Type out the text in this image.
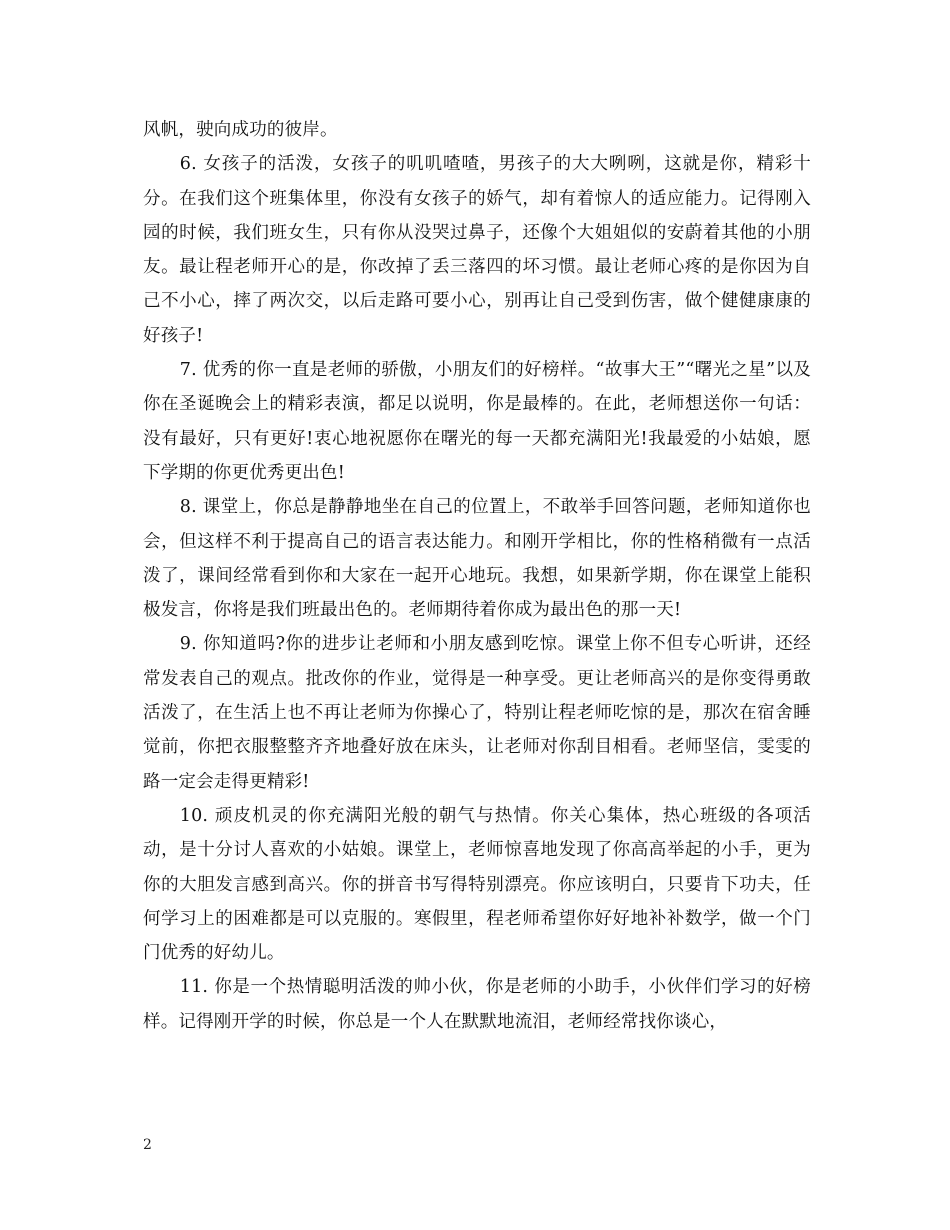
风帆，驶向成功的彼岸。

6. 女孩子的活泼，女孩子的叽叽喳喳，男孩子的大大咧咧，这就是你，精彩十分。在我们这个班集体里，你没有女孩子的娇气，却有着惊人的适应能力。记得刚入园的时候，我们班女生，只有你从没哭过鼻子，还像个大姐姐似的安蔚着其他的小朋友。最让程老师开心的是，你改掉了丢三落四的坏习惯。最让老师心疼的是你因为自己不小心，摔了两次交，以后走路可要小心，别再让自己受到伤害，做个健健康康的好孩子!

7. 优秀的你一直是老师的骄傲，小朋友们的好榜样。“故事大王”“曙光之星”以及你在圣诞晚会上的精彩表演，都足以说明，你是最棒的。在此，老师想送你一句话：没有最好，只有更好!衷心地祝愿你在曙光的每一天都充满阳光!我最爱的小姑娘，愿下学期的你更优秀更出色!

8. 课堂上，你总是静静地坐在自己的位置上，不敢举手回答问题，老师知道你也会，但这样不利于提高自己的语言表达能力。和刚开学相比，你的性格稍微有一点活泼了，课间经常看到你和大家在一起开心地玩。我想，如果新学期，你在课堂上能积极发言，你将是我们班最出色的。老师期待着你成为最出色的那一天!

9. 你知道吗?你的进步让老师和小朋友感到吃惊。课堂上你不但专心听讲，还经常发表自己的观点。批改你的作业，觉得是一种享受。更让老师高兴的是你变得勇敢活泼了，在生活上也不再让老师为你操心了，特别让程老师吃惊的是，那次在宿舍睡觉前，你把衣服整整齐齐地叠好放在床头，让老师对你刮目相看。老师坚信，雯雯的路一定会走得更精彩!

10. 顽皮机灵的你充满阳光般的朝气与热情。你关心集体，热心班级的各项活动，是十分讨人喜欢的小姑娘。课堂上，老师惊喜地发现了你高高举起的小手，更为你的大胆发言感到高兴。你的拼音书写得特别漂亮。你应该明白，只要肯下功夫，任何学习上的困难都是可以克服的。寒假里，程老师希望你好好地补补数学，做一个门门优秀的好幼儿。

11. 你是一个热情聪明活泼的帅小伙，你是老师的小助手，小伙伴们学习的好榜样。记得刚开学的时候，你总是一个人在默默地流泪，老师经常找你谈心，

2
